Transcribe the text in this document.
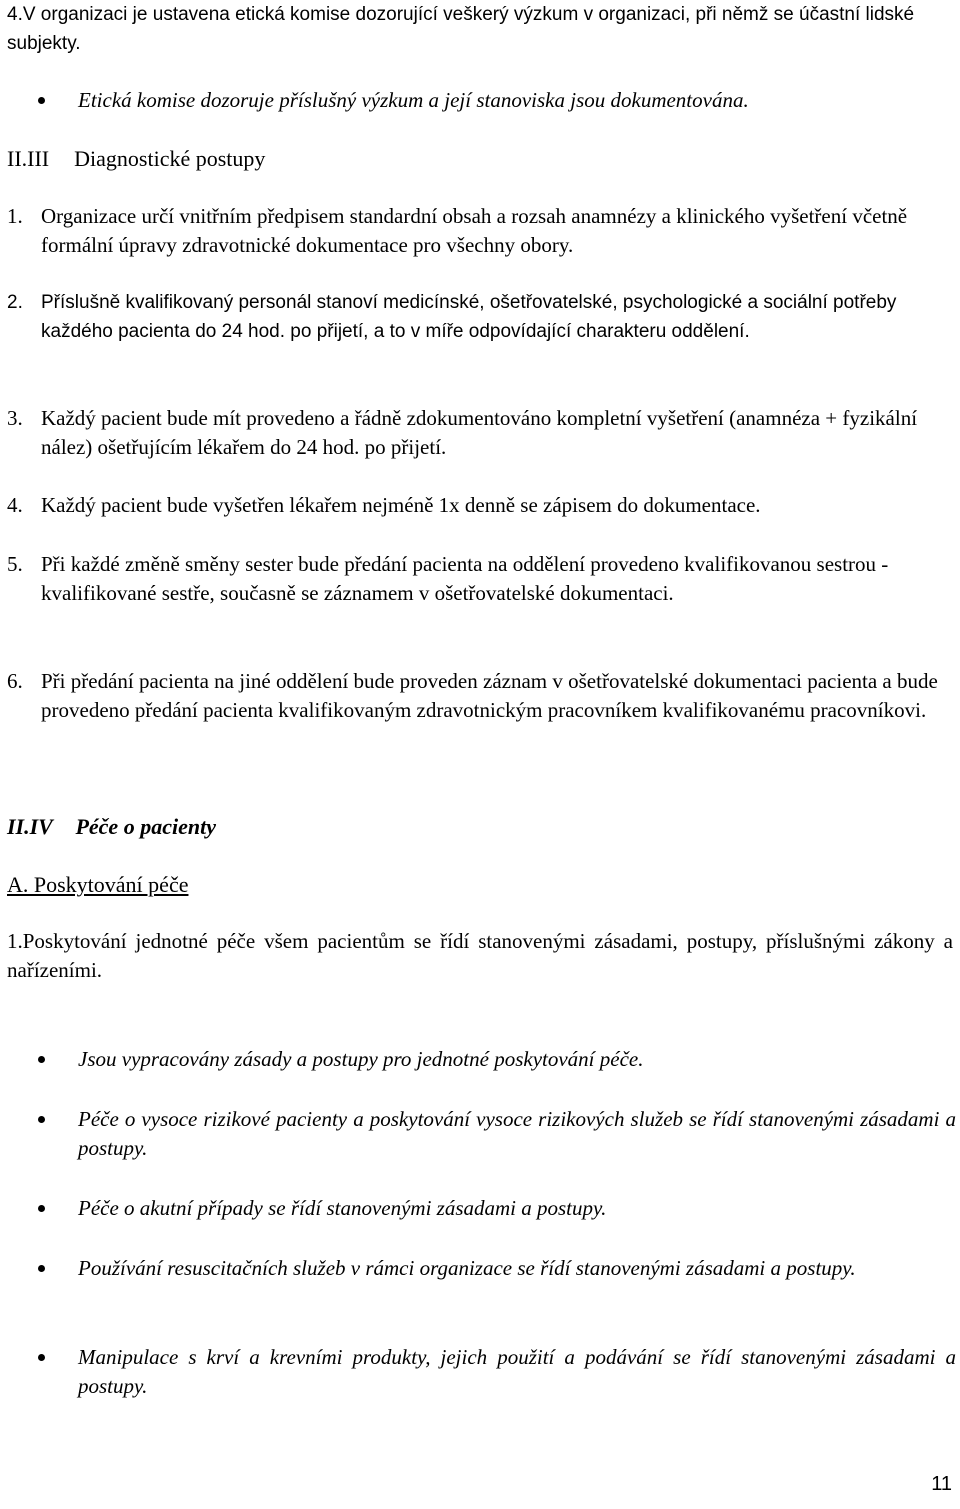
4.V organizaci je ustavena etická komise dozorující veškerý výzkum v organizaci, při němž se účastní lidské subjekty.

Etická komise dozoruje příslušný výzkum a její stanoviska jsou dokumentována.
II.III Diagnostické postupy
1. Organizace určí vnitřním předpisem standardní obsah a rozsah anamnézy a klinického vyšetření včetně formální úpravy zdravotnické dokumentace pro všechny obory.
2. Příslušně kvalifikovaný personál stanoví medicínské, ošetřovatelské, psychologické a sociální potřeby každého pacienta do 24 hod. po přijetí, a to v míře odpovídající charakteru oddělení.
3. Každý pacient bude mít provedeno a řádně zdokumentováno kompletní vyšetření (anamnéza + fyzikální nález) ošetřujícím lékařem do 24 hod. po přijetí.
4. Každý pacient bude vyšetřen lékařem nejméně 1x denně se zápisem do dokumentace.
5. Při každé změně směny sester bude předání pacienta na oddělení provedeno kvalifikovanou sestrou - kvalifikované sestře, současně se záznamem v ošetřovatelské dokumentaci.
6. Při předání pacienta na jiné oddělení bude proveden záznam v ošetřovatelské dokumentaci pacienta a bude provedeno předání pacienta kvalifikovaným zdravotnickým pracovníkem kvalifikovanému pracovníkovi.
II.IV Péče o pacienty
A. Poskytování péče

1.Poskytování jednotné péče všem pacientům se řídí stanovenými zásadami, postupy, příslušnými zákony a nařízeními.

Jsou vypracovány zásady a postupy pro jednotné poskytování péče.
Péče o vysoce rizikové pacienty a poskytování vysoce rizikových služeb se řídí stanovenými zásadami a postupy.
Péče o akutní případy se řídí stanovenými zásadami a postupy.
Používání resuscitačních služeb v rámci organizace se řídí stanovenými zásadami a postupy.
Manipulace s krví a krevními produkty, jejich použití a podávání se řídí stanovenými zásadami a postupy.
11
